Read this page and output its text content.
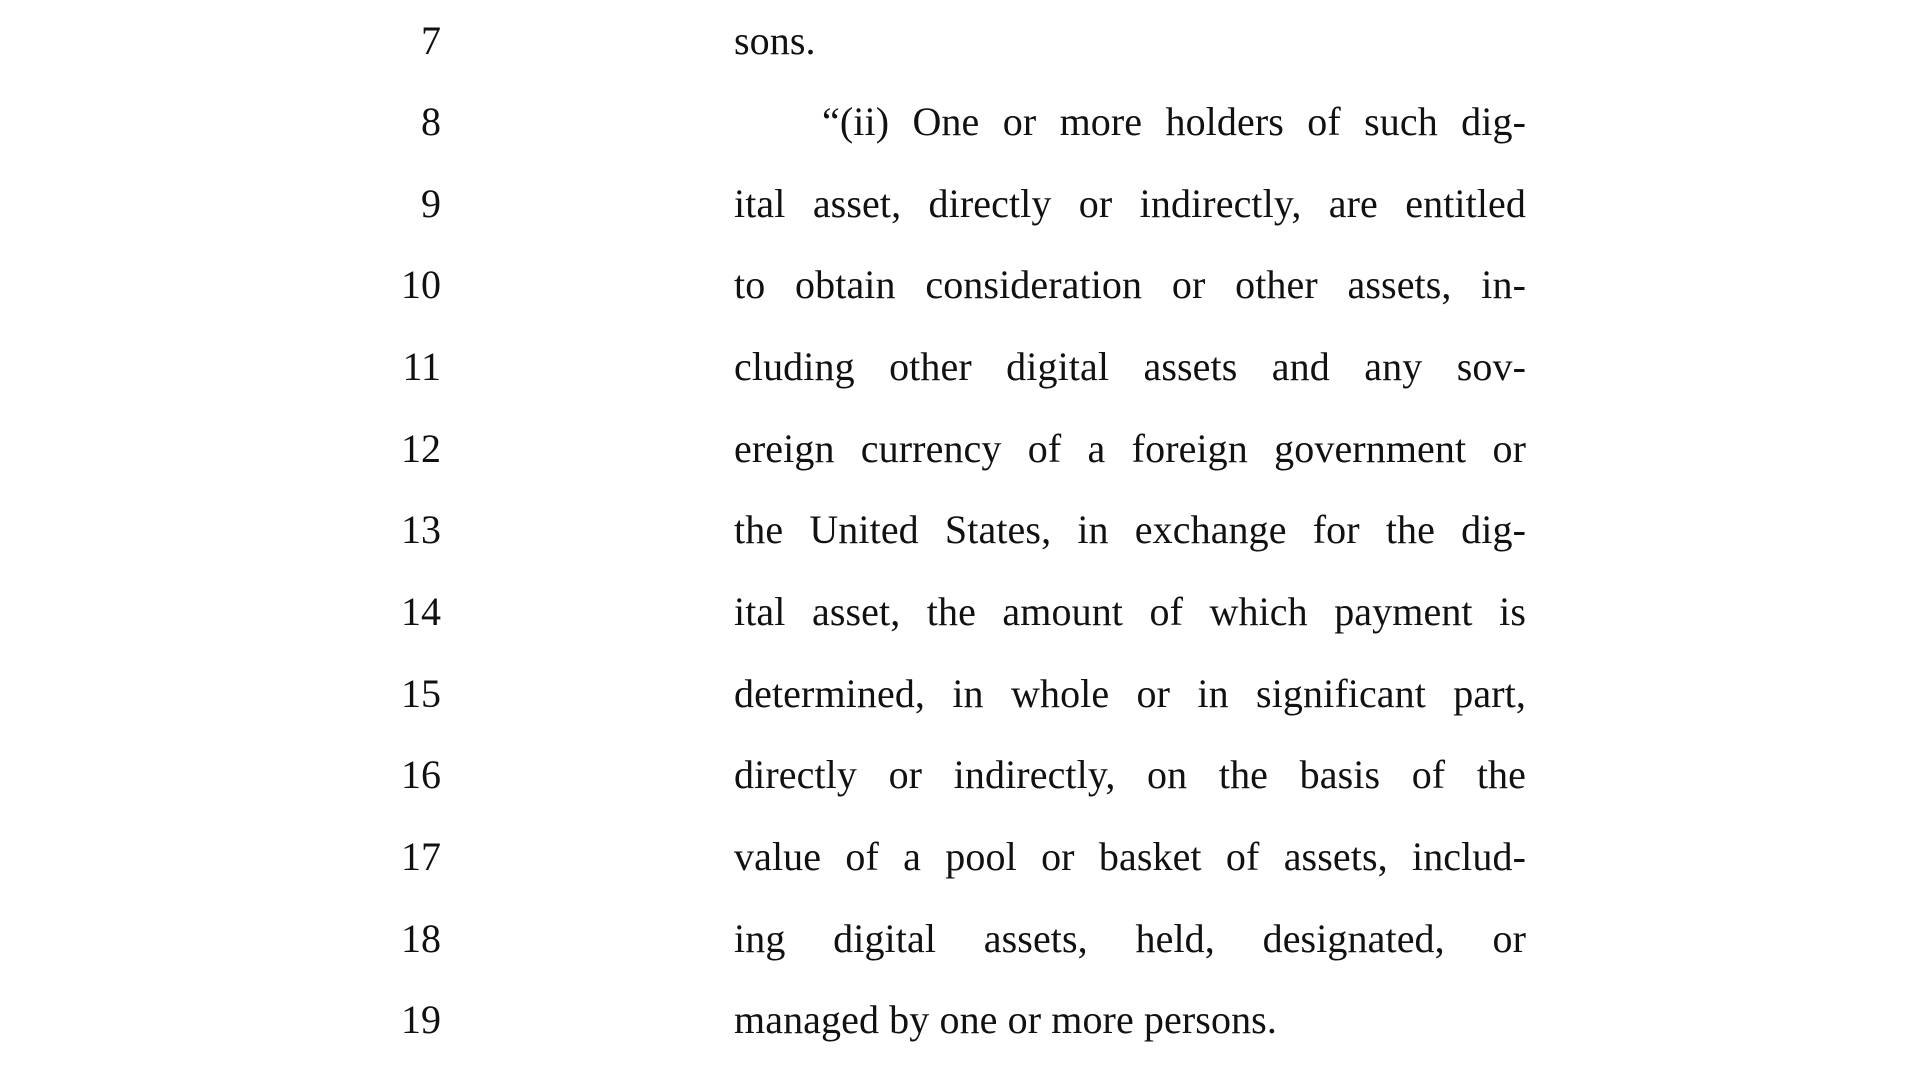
7	sons.
8	“(ii) One or more holders of such dig-
9	ital asset, directly or indirectly, are entitled
10	to obtain consideration or other assets, in-
11	cluding other digital assets and any sov-
12	ereign currency of a foreign government or
13	the United States, in exchange for the dig-
14	ital asset, the amount of which payment is
15	determined, in whole or in significant part,
16	directly or indirectly, on the basis of the
17	value of a pool or basket of assets, includ-
18	ing digital assets, held, designated, or
19	managed by one or more persons.
